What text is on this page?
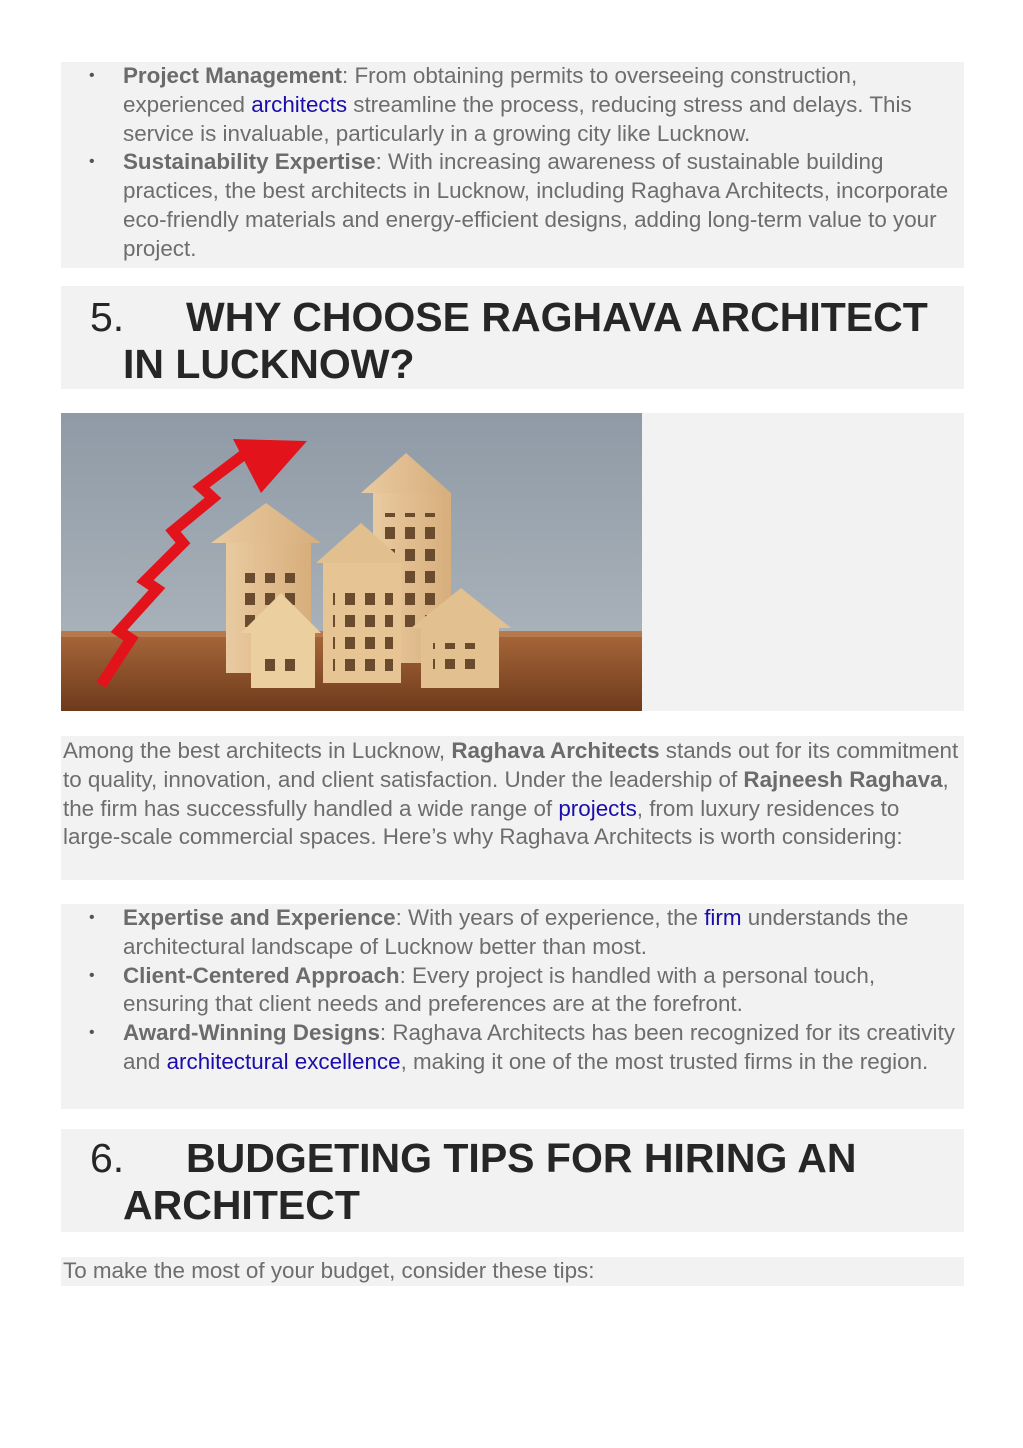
• Project Management: From obtaining permits to overseeing construction, experienced architects streamline the process, reducing stress and delays. This service is invaluable, particularly in a growing city like Lucknow.
• Sustainability Expertise: With increasing awareness of sustainable building practices, the best architects in Lucknow, including Raghava Architects, incorporate eco-friendly materials and energy-efficient designs, adding long-term value to your project.
5.	WHY CHOOSE RAGHAVA ARCHITECT IN LUCKNOW?

Among the best architects in Lucknow, Raghava Architects stands out for its commitment to quality, innovation, and client satisfaction. Under the leadership of Rajneesh Raghava, the firm has successfully handled a wide range of projects, from luxury residences to large-scale commercial spaces. Here’s why Raghava Architects is worth considering:

• Expertise and Experience: With years of experience, the firm understands the architectural landscape of Lucknow better than most.
• Client-Centered Approach: Every project is handled with a personal touch, ensuring that client needs and preferences are at the forefront.
• Award-Winning Designs: Raghava Architects has been recognized for its creativity and architectural excellence, making it one of the most trusted firms in the region.
6.	BUDGETING TIPS FOR HIRING AN ARCHITECT

To make the most of your budget, consider these tips:
